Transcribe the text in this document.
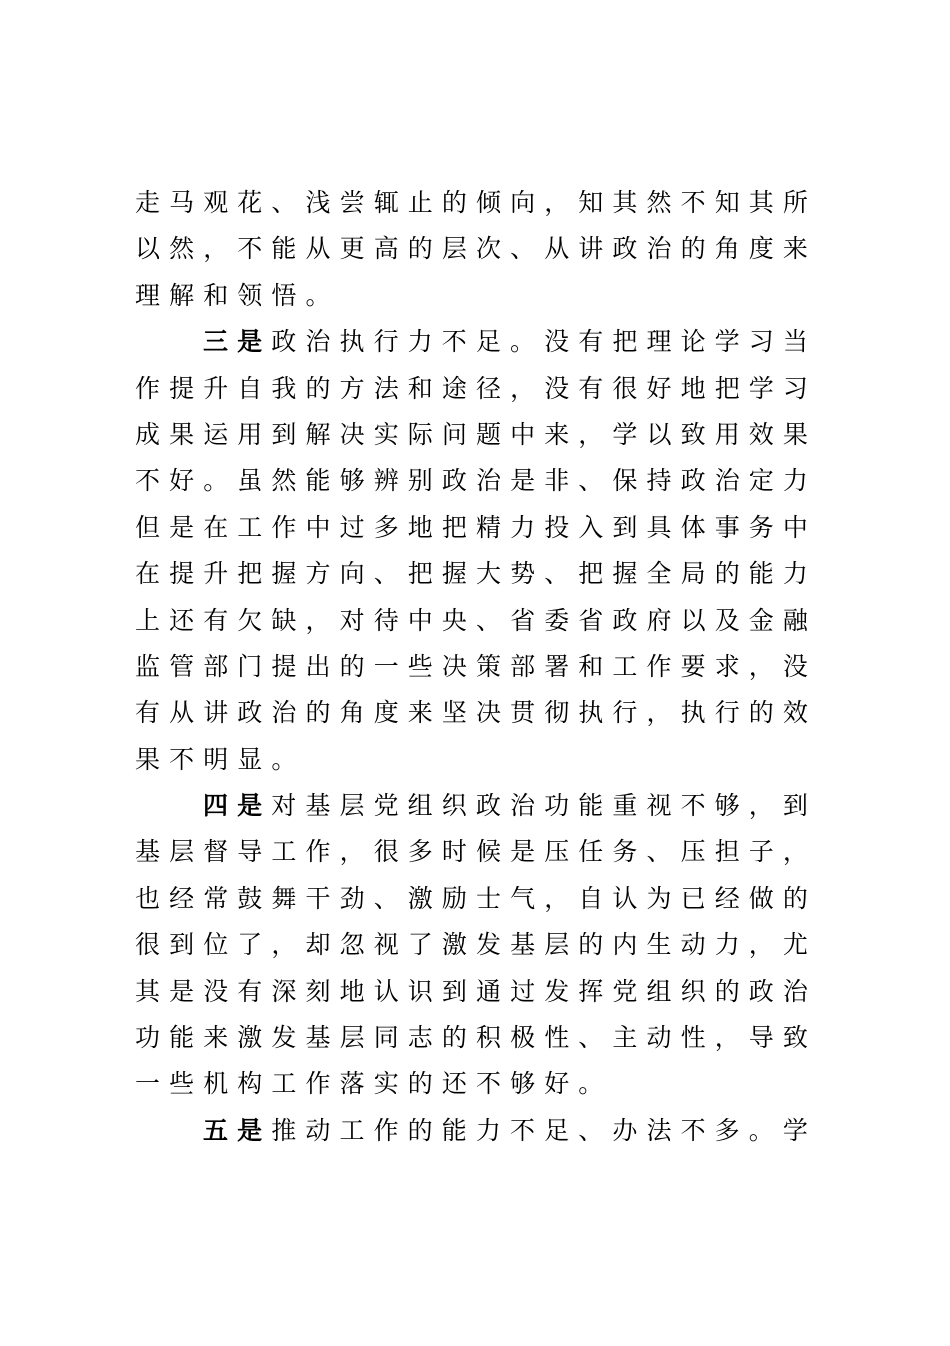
走马观花、浅尝辄止的倾向，知其然不知其所
以然，不能从更高的层次、从讲政治的角度来
理解和领悟。
三是政治执行力不足。没有把理论学习当
作提升自我的方法和途径，没有很好地把学习
成果运用到解决实际问题中来，学以致用效果
不好。虽然能够辨别政治是非、保持政治定力
但是在工作中过多地把精力投入到具体事务中
在提升把握方向、把握大势、把握全局的能力
上还有欠缺，对待中央、省委省政府以及金融
监管部门提出的一些决策部署和工作要求，没
有从讲政治的角度来坚决贯彻执行，执行的效
果不明显。
四是对基层党组织政治功能重视不够，到
基层督导工作，很多时候是压任务、压担子，
也经常鼓舞干劲、激励士气，自认为已经做的
很到位了，却忽视了激发基层的内生动力，尤
其是没有深刻地认识到通过发挥党组织的政治
功能来激发基层同志的积极性、主动性，导致
一些机构工作落实的还不够好。
五是推动工作的能力不足、办法不多。学
